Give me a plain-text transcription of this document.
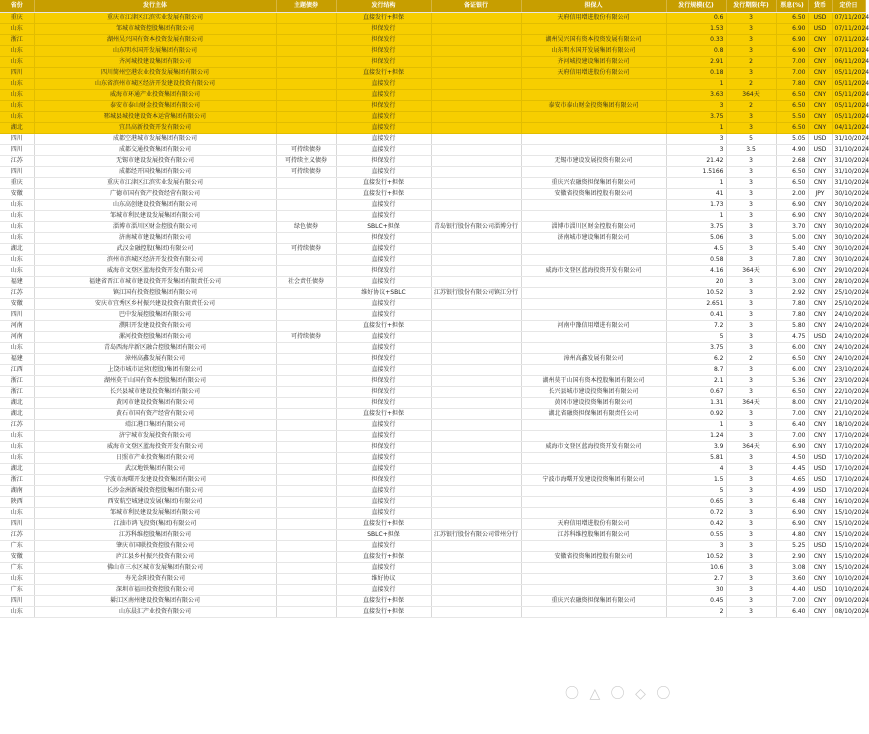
省份	发行主体	主题债券	发行结构	备证银行	担保人	发行规模(亿)	发行期限(年)	票息(%)	货币	定价日
重庆	重庆市江津区江滨实业发展有限公司		直接发行+担保		天府信用增进股份有限公司	0.6	3	6.50	USD	07/11/2024
山东	邹城市城资控股集团有限公司		担保发行			1.53	3	6.90	USD	07/11/2024
浙江	湖州吴兴国有资本投资发展有限公司		担保发行		湖州吴兴国有资本投资发展有限公司	0.33	3	6.90	CNY	07/11/2024
山东	山东明水国开发展集团有限公司		担保发行		山东明水国开发展集团有限公司	0.8	3	6.90	CNY	07/11/2024
山东	齐河城投建设集团有限公司		担保发行		齐河城投建设集团有限公司	2.91	2	7.00	CNY	06/11/2024
四川	四川简州空港农业投资发展集团有限公司		直接发行+担保		天府信用增进股份有限公司	0.18	3	7.00	CNY	05/11/2024
山东	山东省滨州市城区经济开发建设投资有限公司		直接发行			1	2	7.80	CNY	05/11/2024
山东	威海市环通产业投资集团有限公司		直接发行			3.63	364天	6.50	CNY	05/11/2024
山东	泰安市泰山财金投资集团有限公司		担保发行		泰安市泰山财金投资集团有限公司	3	2	6.50	CNY	05/11/2024
山东	郓城县城投建设资本运营集团有限公司		直接发行			3.75	3	5.50	CNY	05/11/2024
湖北	宜昌高新投资开发有限公司		直接发行			1	3	6.50	CNY	04/11/2024
四川	成都空港城市发展集团有限公司		直接发行			3	5	5.05	USD	31/10/2024
四川	成都交通投资集团有限公司	可持续债券	直接发行			3	3.5	4.90	USD	31/10/2024
江苏	无锡市建设发展投资有限公司	可持续主义债券	担保发行		无锡市建设发展投资有限公司	21.42	3	2.68	CNY	31/10/2024
四川	成都经开国投集团有限公司	可持续债券	直接发行			1.5166	3	6.50	CNY	31/10/2024
重庆	重庆市江津区江滨实业发展有限公司		直接发行+担保		重庆兴农融资担保集团有限公司	1	3	6.50	CNY	31/10/2024
安徽	广德市国有资产投资经营有限公司		直接发行+担保		安徽省投资集团控股有限公司	41	3	2.00	JPY	30/10/2024
山东	山东高创建设投资集团有限公司		直接发行			1.73	3	6.90	CNY	30/10/2024
山东	邹城市利民建设发展集团有限公司		直接发行			1	3	6.90	CNY	30/10/2024
山东	淄博市淄川区财金控股有限公司	绿色债券	SBLC+担保	青岛银行股份有限公司淄博分行	淄博市淄川区财金控股有限公司	3.75	3	3.70	CNY	30/10/2024
山东	济南城市建设集团有限公司		担保发行		济南城市建设集团有限公司	5.06	3	5.00	CNY	30/10/2024
湖北	武汉金融控股(集团)有限公司	可持续债券	直接发行			4.5	3	5.40	CNY	30/10/2024
山东	滨州市滨城区经济开发投资有限公司		直接发行			0.58	3	7.80	CNY	30/10/2024
山东	威海市文登区蓝海投资开发有限公司		担保发行		威海市文登区蓝海投资开发有限公司	4.16	364天	6.90	CNY	29/10/2024
福建	福建省晋江市城市建设投资开发集团有限责任公司	社会责任债券	直接发行			20	3	3.00	CNY	28/10/2024
江苏	镇江国有投资控股集团有限公司		维好协议+SBLC	江苏银行股份有限公司镇江分行		10.52	3	2.92	CNY	25/10/2024
安徽	安庆市宜秀区乡村振兴建设投资有限责任公司		直接发行			2.651	3	7.80	CNY	25/10/2024
四川	巴中发展控股集团有限公司		直接发行			0.41	3	7.80	CNY	24/10/2024
河南	濮阳开发建设投资有限公司		直接发行+担保		河南中豫信用增进有限公司	7.2	3	5.80	CNY	24/10/2024
河南	漯河投资控股集团有限公司	可持续债券	直接发行			5	3	4.75	USD	24/10/2024
山东	青岛西海岸新区融合控股集团有限公司		直接发行			3.75	3	6.00	CNY	24/10/2024
福建	漳州高鑫发展有限公司		担保发行		漳州高鑫发展有限公司	6.2	2	6.50	CNY	24/10/2024
江西	上饶市城市运营(控股)集团有限公司		直接发行			8.7	3	6.00	CNY	23/10/2024
浙江	湖州莫干山国有资本控股集团有限公司		担保发行		湖州莫干山国有资本控股集团有限公司	2.1	3	5.36	CNY	23/10/2024
浙江	长兴县城市建设投资集团有限公司		担保发行		长兴县城市建设投资集团有限公司	0.67	3	6.50	CNY	22/10/2024
湖北	黄冈市建设投资集团有限公司		担保发行		黄冈市建设投资集团有限公司	1.31	364天	8.00	CNY	21/10/2024
湖北	黄石市国有资产经营有限公司		直接发行+担保		湖北省融资担保集团有限责任公司	0.92	3	7.00	CNY	21/10/2024
江苏	靖江港口集团有限公司		直接发行			1	3	6.40	CNY	18/10/2024
山东	济宁城市发展投资有限公司		直接发行			1.24	3	7.00	CNY	17/10/2024
山东	威海市文登区蓝海投资开发有限公司		担保发行		威海市文登区蓝海投资开发有限公司	3.9	364天	6.90	CNY	17/10/2024
山东	日照市产业投资集团有限公司		直接发行			5.81	3	4.50	USD	17/10/2024
湖北	武汉地铁集团有限公司		直接发行			4	3	4.45	USD	17/10/2024
浙江	宁波市海曙开发建设投资集团有限公司		担保发行		宁波市海曙开发建设投资集团有限公司	1.5	3	4.65	USD	17/10/2024
湖南	长沙金洲新城投资控股集团有限公司		直接发行			5	3	4.99	USD	17/10/2024
陕西	西安航空城建设发展(集团)有限公司		直接发行			0.65	3	6.48	CNY	16/10/2024
山东	邹城市利民建设发展集团有限公司		直接发行			0.72	3	6.90	CNY	15/10/2024
四川	江油市鸿飞投资(集团)有限公司		直接发行+担保		天府信用增进股份有限公司	0.42	3	6.90	CNY	15/10/2024
江苏	江苏科维控股集团有限公司		SBLC+担保	江苏银行股份有限公司常州分行	江苏科维控股集团有限公司	0.55	3	4.80	CNY	15/10/2024
广东	肇庆市国联投资控股有限公司		直接发行			3	3	5.25	USD	15/10/2024
安徽	庐江县乡村振兴投资有限公司		直接发行+担保		安徽省投资集团控股有限公司	10.52	3	2.90	CNY	15/10/2024
广东	佛山市三水区城市发展集团有限公司		直接发行			10.6	3	3.08	CNY	15/10/2024
山东	寿光金阳投资有限公司		维好协议			2.7	3	3.60	CNY	10/10/2024
广东	深圳市福田投资控股有限公司		直接发行			30	3	4.40	USD	10/10/2024
四川	綦江区南州建设投资集团有限公司		直接发行+担保		重庆兴农融资担保集团有限公司	0.45	3	7.00	CNY	09/10/2024
山东	山东晨汇产业投资有限公司		直接发行+担保			2	3	6.40	CNY	08/10/2024
〇 △ 〇 ◇ 〇
